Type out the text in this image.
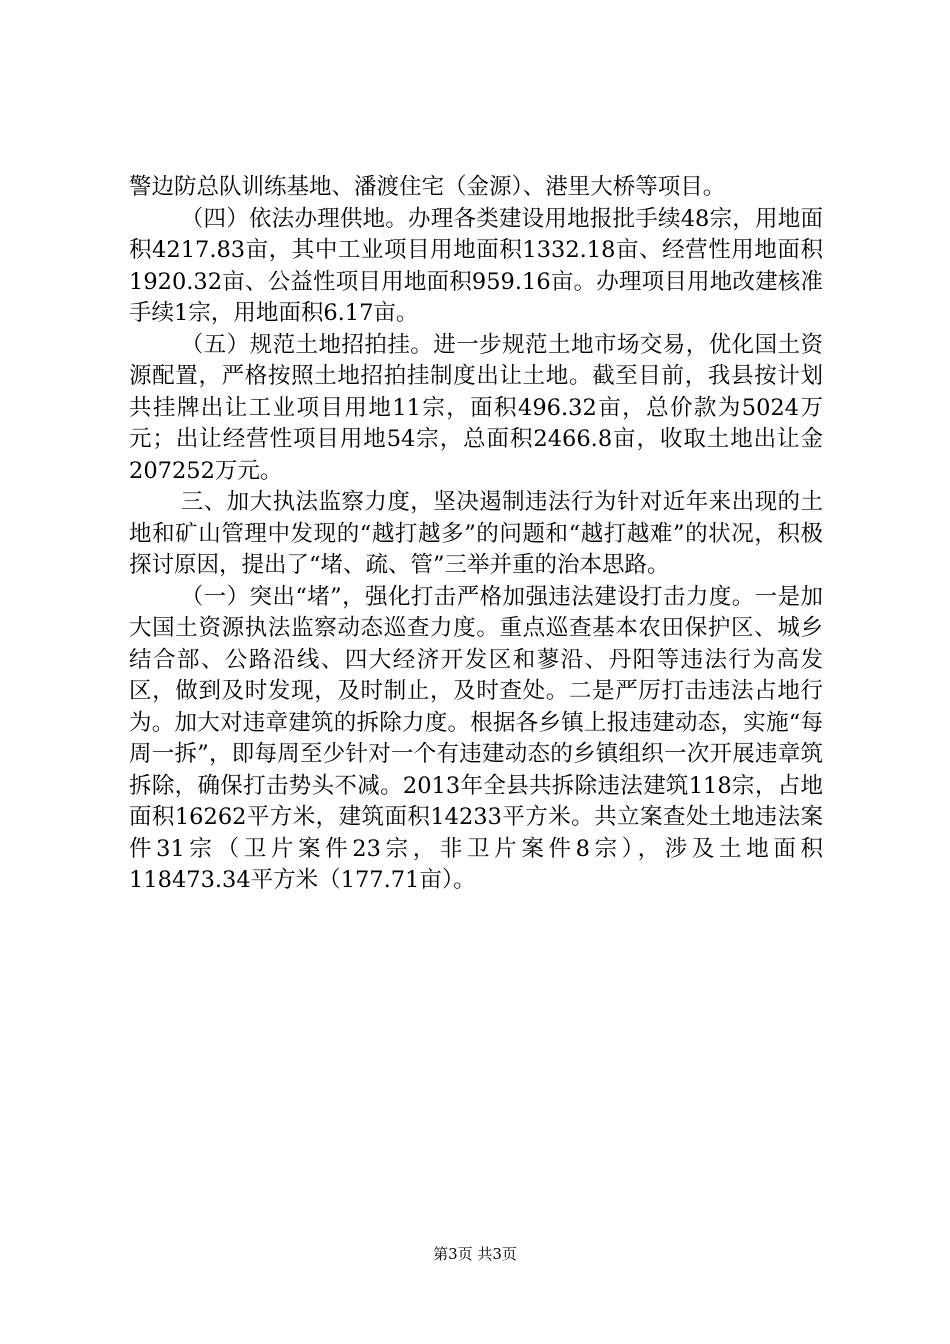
警边防总队训练基地、潘渡住宅（金源）、港里大桥等项目。

（四）依法办理供地。办理各类建设用地报批手续48宗，用地面积4217.83亩，其中工业项目用地面积1332.18亩、经营性用地面积1920.32亩、公益性项目用地面积959.16亩。办理项目用地改建核准手续1宗，用地面积6.17亩。

（五）规范土地招拍挂。进一步规范土地市场交易，优化国土资源配置，严格按照土地招拍挂制度出让土地。截至目前，我县按计划共挂牌出让工业项目用地11宗，面积496.32亩，总价款为5024万元；出让经营性项目用地54宗，总面积2466.8亩，收取土地出让金207252万元。

三、加大执法监察力度，坚决遏制违法行为针对近年来出现的土地和矿山管理中发现的“越打越多”的问题和“越打越难”的状况，积极探讨原因，提出了“堵、疏、管”三举并重的治本思路。

（一）突出“堵”，强化打击严格加强违法建设打击力度。一是加大国土资源执法监察动态巡查力度。重点巡查基本农田保护区、城乡结合部、公路沿线、四大经济开发区和蓼沿、丹阳等违法行为高发区，做到及时发现，及时制止，及时查处。二是严厉打击违法占地行为。加大对违章建筑的拆除力度。根据各乡镇上报违建动态，实施“每周一拆”，即每周至少针对一个有违建动态的乡镇组织一次开展违章筑拆除，确保打击势头不减。2013年全县共拆除违法建筑118宗，占地面积16262平方米，建筑面积14233平方米。共立案查处土地违法案件31宗（卫片案件23宗，非卫片案件8宗），涉及土地面积118473.34平方米（177.71亩）。

第3页 共3页
